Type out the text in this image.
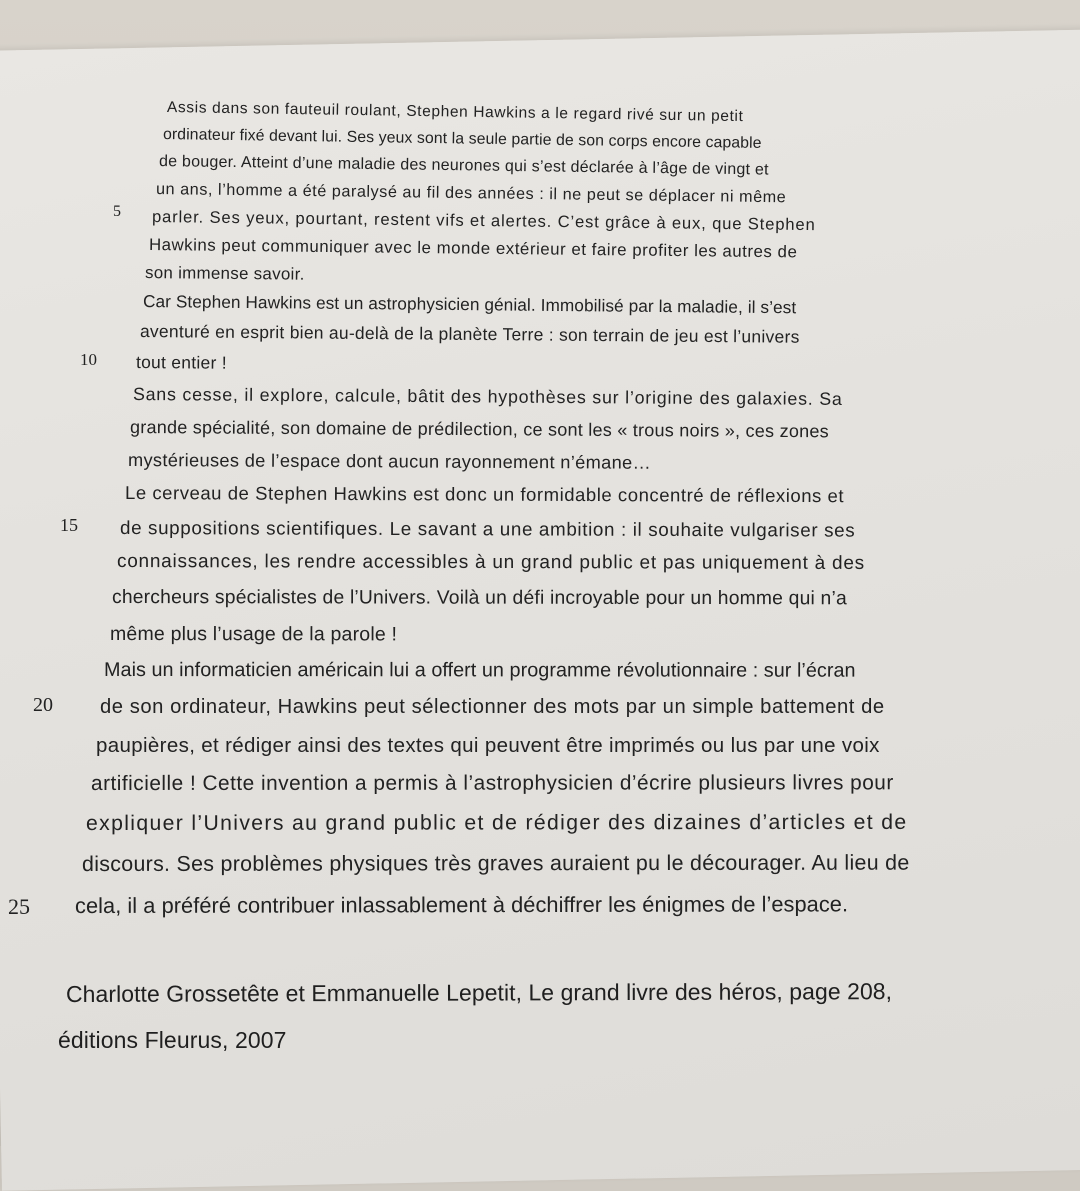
Assis dans son fauteuil roulant, Stephen Hawkins a le regard rivé sur un petit
ordinateur fixé devant lui. Ses yeux sont la seule partie de son corps encore capable
de bouger. Atteint d’une maladie des neurones qui s’est déclarée à l’âge de vingt et
un ans, l’homme a été paralysé au fil des années : il ne peut se déplacer ni même
5 parler. Ses yeux, pourtant, restent vifs et alertes. C’est grâce à eux, que Stephen
Hawkins peut communiquer avec le monde extérieur et faire profiter les autres de
son immense savoir.
Car Stephen Hawkins est un astrophysicien génial. Immobilisé par la maladie, il s’est
aventuré en esprit bien au-delà de la planète Terre : son terrain de jeu est l’univers
10 tout entier !
Sans cesse, il explore, calcule, bâtit des hypothèses sur l’origine des galaxies. Sa
grande spécialité, son domaine de prédilection, ce sont les « trous noirs », ces zones
mystérieuses de l’espace dont aucun rayonnement n’émane…
Le cerveau de Stephen Hawkins est donc un formidable concentré de réflexions et
15 de suppositions scientifiques. Le savant a une ambition : il souhaite vulgariser ses
connaissances, les rendre accessibles à un grand public et pas uniquement à des
chercheurs spécialistes de l’Univers. Voilà un défi incroyable pour un homme qui n’a
même plus l’usage de la parole !
Mais un informaticien américain lui a offert un programme révolutionnaire : sur l’écran
20 de son ordinateur, Hawkins peut sélectionner des mots par un simple battement de
paupières, et rédiger ainsi des textes qui peuvent être imprimés ou lus par une voix
artificielle ! Cette invention a permis à l’astrophysicien d’écrire plusieurs livres pour
expliquer l’Univers au grand public et de rédiger des dizaines d’articles et de
discours. Ses problèmes physiques très graves auraient pu le décourager. Au lieu de
25 cela, il a préféré contribuer inlassablement à déchiffrer les énigmes de l’espace.
Charlotte Grossetête et Emmanuelle Lepetit, Le grand livre des héros, page 208,
éditions Fleurus, 2007
